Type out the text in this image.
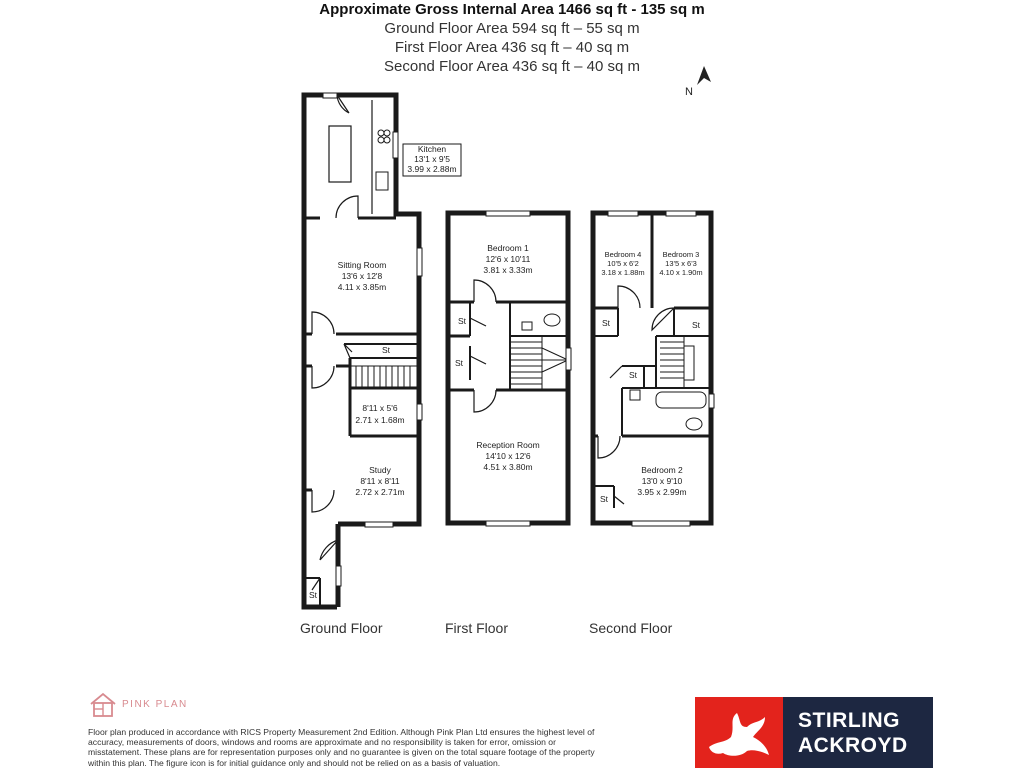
Approximate Gross Internal Area 1466 sq ft - 135 sq m
Ground Floor Area 594 sq ft – 55 sq m
First Floor Area 436 sq ft – 40 sq m
Second Floor Area 436 sq ft – 40 sq m
Kitchen
13'1 x 9'5
3.99 x 2.88m
Sitting Room
13'6 x 12'8
4.11 x 3.85m
St
8'11 x 5'6
2.71 x 1.68m
Study
8'11 x 8'11
2.72 x 2.71m
St
Bedroom 1
12'6 x 10'11
3.81 x 3.33m
St
St
Reception Room
14'10 x 12'6
4.51 x 3.80m
Bedroom 4
10'5 x 6'2
3.18 x 1.88m
Bedroom 3
13'5 x 6'3
4.10 x 1.90m
St	St
St
Bedroom 2
13'0 x 9'10
3.95 x 2.99m
St
N
Ground Floor	First Floor	Second Floor
PINK PLAN
Floor plan produced in accordance with RICS Property Measurement 2nd Edition. Although Pink Plan Ltd ensures the highest level of accuracy, measurements of doors, windows and rooms are approximate and no responsibility is taken for error, omission or misstatement. These plans are for representation purposes only and no guarantee is given on the total square footage of the property within this plan. The figure icon is for initial guidance only and should not be relied on as a basis of valuation.
STIRLING
ACKROYD
